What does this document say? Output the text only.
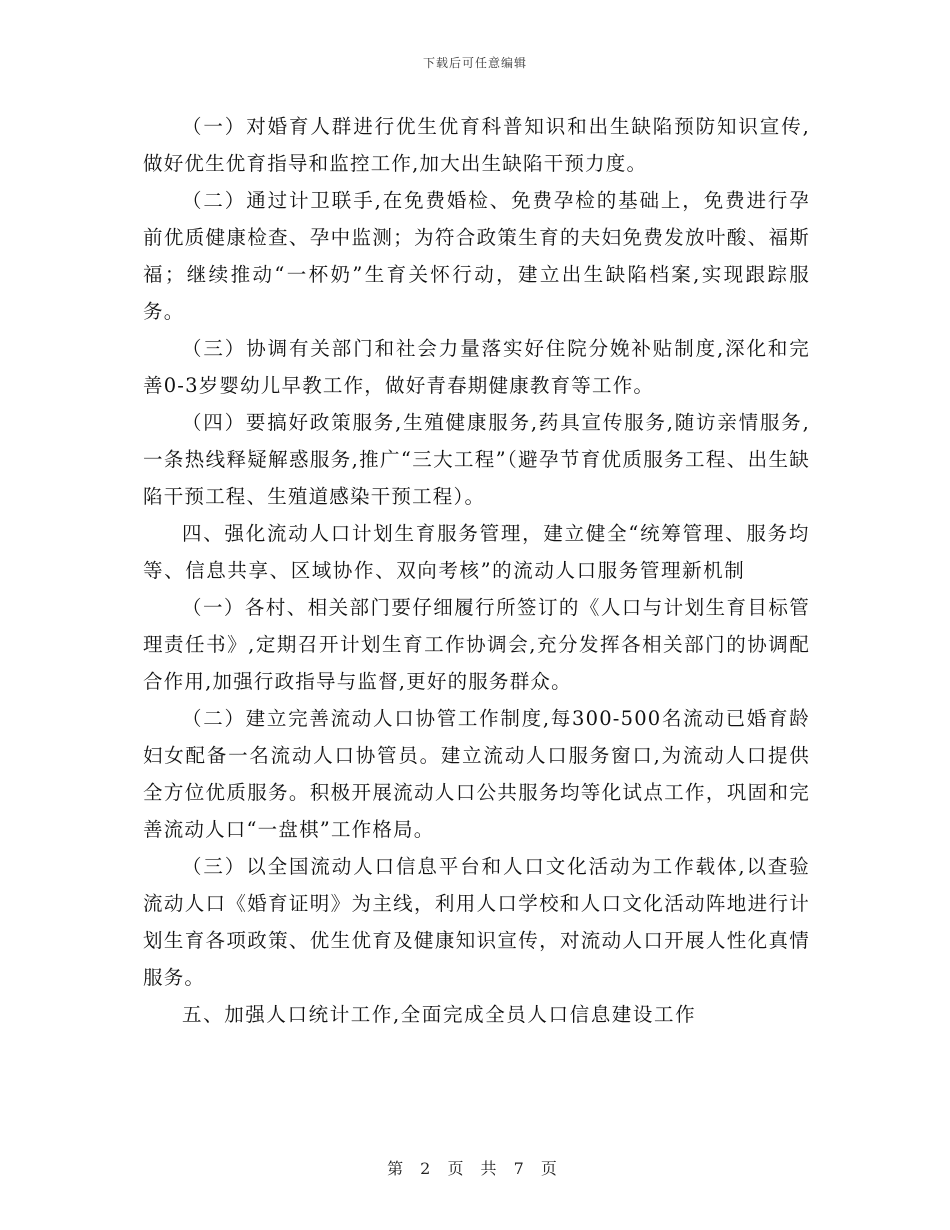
下载后可任意编辑

（一）对婚育人群进行优生优育科普知识和出生缺陷预防知识宣传,做好优生优育指导和监控工作,加大出生缺陷干预力度。

（二）通过计卫联手,在免费婚检、免费孕检的基础上，免费进行孕前优质健康检查、孕中监测；为符合政策生育的夫妇免费发放叶酸、福斯福；继续推动“一杯奶”生育关怀行动，建立出生缺陷档案,实现跟踪服务。

（三）协调有关部门和社会力量落实好住院分娩补贴制度,深化和完善0-3岁婴幼儿早教工作，做好青春期健康教育等工作。

（四）要搞好政策服务,生殖健康服务,药具宣传服务,随访亲情服务,一条热线释疑解惑服务,推广“三大工程”（避孕节育优质服务工程、出生缺陷干预工程、生殖道感染干预工程）。

四、强化流动人口计划生育服务管理，建立健全“统筹管理、服务均等、信息共享、区域协作、双向考核”的流动人口服务管理新机制

（一）各村、相关部门要仔细履行所签订的《人口与计划生育目标管理责任书》,定期召开计划生育工作协调会,充分发挥各相关部门的协调配合作用,加强行政指导与监督,更好的服务群众。

（二）建立完善流动人口协管工作制度,每300-500名流动已婚育龄妇女配备一名流动人口协管员。建立流动人口服务窗口,为流动人口提供全方位优质服务。积极开展流动人口公共服务均等化试点工作，巩固和完善流动人口“一盘棋”工作格局。

（三）以全国流动人口信息平台和人口文化活动为工作载体,以查验流动人口《婚育证明》为主线，利用人口学校和人口文化活动阵地进行计划生育各项政策、优生优育及健康知识宣传，对流动人口开展人性化真情服务。

五、加强人口统计工作,全面完成全员人口信息建设工作

第 2 页 共 7 页
